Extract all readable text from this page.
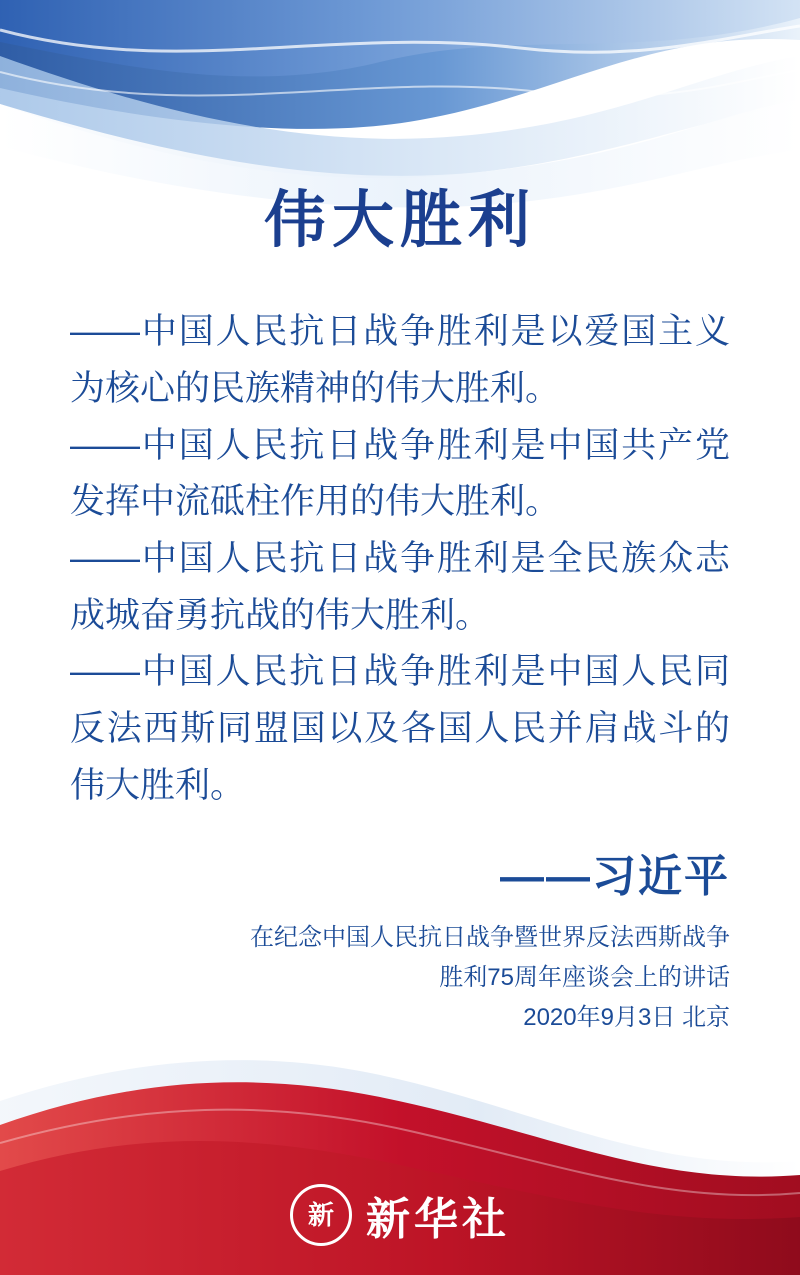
伟大胜利

——中国人民抗日战争胜利是以爱国主义为核心的民族精神的伟大胜利。

——中国人民抗日战争胜利是中国共产党发挥中流砥柱作用的伟大胜利。

——中国人民抗日战争胜利是全民族众志成城奋勇抗战的伟大胜利。

——中国人民抗日战争胜利是中国人民同反法西斯同盟国以及各国人民并肩战斗的伟大胜利。

——习近平
在纪念中国人民抗日战争暨世界反法西斯战争
胜利75周年座谈会上的讲话
2020年9月3日 北京
新 新华社
